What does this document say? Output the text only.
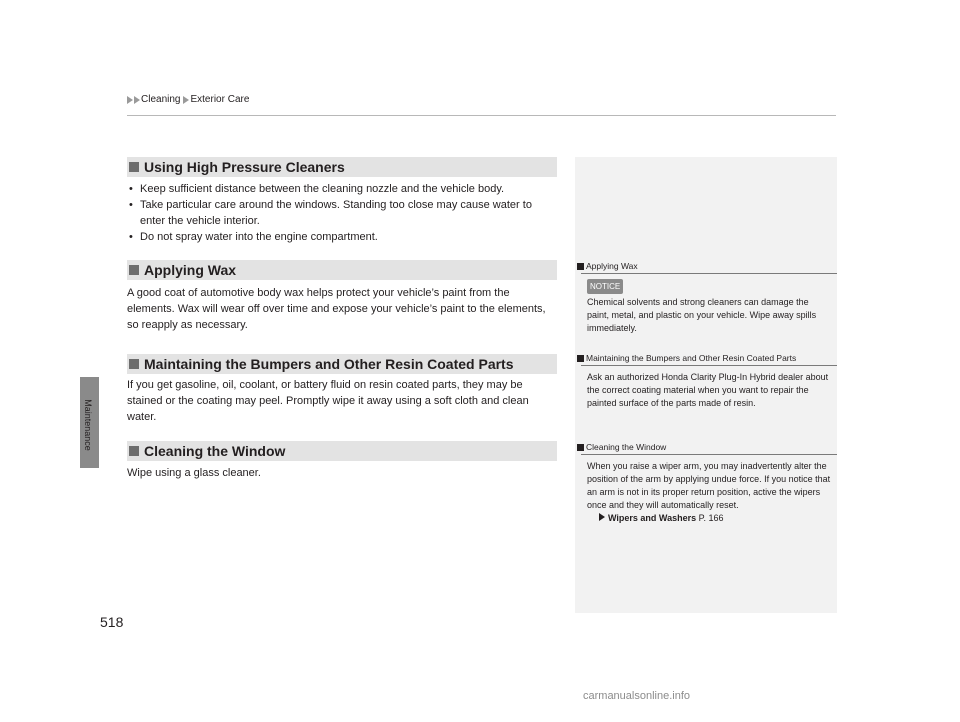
Cleaning Exterior Care
Maintenance
Using High Pressure Cleaners
• Keep sufficient distance between the cleaning nozzle and the vehicle body.
• Take particular care around the windows. Standing too close may cause water to enter the vehicle interior.
• Do not spray water into the engine compartment.
Applying Wax
A good coat of automotive body wax helps protect your vehicle’s paint from the elements. Wax will wear off over time and expose your vehicle’s paint to the elements, so reapply as necessary.
Maintaining the Bumpers and Other Resin Coated Parts
If you get gasoline, oil, coolant, or battery fluid on resin coated parts, they may be stained or the coating may peel. Promptly wipe it away using a soft cloth and clean water.
Cleaning the Window
Wipe using a glass cleaner.
Applying Wax
NOTICE
Chemical solvents and strong cleaners can damage the paint, metal, and plastic on your vehicle. Wipe away spills immediately.
Maintaining the Bumpers and Other Resin Coated Parts
Ask an authorized Honda Clarity Plug-In Hybrid dealer about the correct coating material when you want to repair the painted surface of the parts made of resin.
Cleaning the Window
When you raise a wiper arm, you may inadvertently alter the position of the arm by applying undue force. If you notice that an arm is not in its proper return position, active the wipers once and they will automatically reset.
Wipers and Washers P. 166
518
carmanualsonline.info
